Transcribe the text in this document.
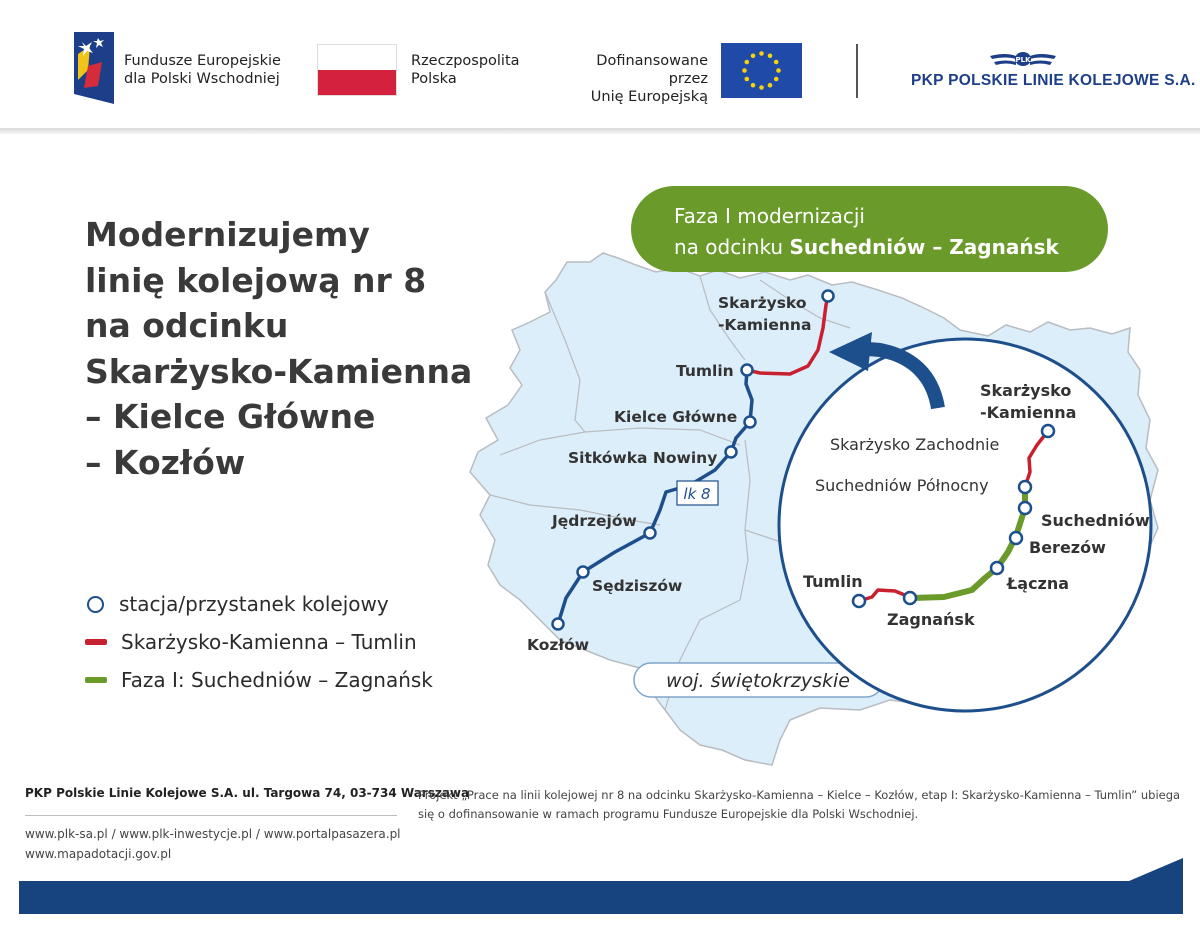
Fundusze Europejskie
dla Polski Wschodniej
Rzeczpospolita
Polska
Dofinansowane przez
Unię Europejską
PLK
PKP POLSKIE LINIE KOLEJOWE S.A.
Modernizujemy
linię kolejową nr 8
na odcinku
Skarżysko-Kamienna
– Kielce Główne
– Kozłów
stacja/przystanek kolejowy
Skarżysko-Kamienna – Tumlin
Faza I: Suchedniów – Zagnańsk
Skarżysko
-Kamienna
Tumlin
Kielce Główne
Sitkówka Nowiny
Jędrzejów
Sędziszów
Kozłów
lk 8
woj. świętokrzyskie
Skarżysko
-Kamienna
Skarżysko Zachodnie
Suchedniów Północny
Suchedniów
Berezów
Łączna
Tumlin
Zagnańsk
Faza I modernizacji
na odcinku Suchedniów – Zagnańsk
PKP Polskie Linie Kolejowe S.A. ul. Targowa 74, 03-734 Warszawa
www.plk-sa.pl / www.plk-inwestycje.pl / www.portalpasazera.pl
www.mapadotacji.gov.pl
Projekt „Prace na linii kolejowej nr 8 na odcinku Skarżysko-Kamienna – Kielce – Kozłów, etap I: Skarżysko-Kamienna – Tumlin” ubiega się o dofinansowanie w ramach programu Fundusze Europejskie dla Polski Wschodniej.
